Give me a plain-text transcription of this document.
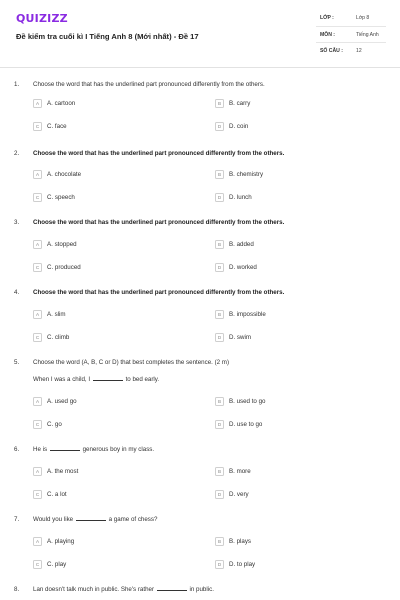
QUIZIZZ
Đề kiểm tra cuối kì I Tiếng Anh 8 (Mới nhất) - Đề 17
LỚP :	Lớp 8
MÔN :	Tiếng Anh
SỐ CÂU :	12
1. Choose the word that has the underlined part pronounced differently from the others.
A	A. cartoon	B	B. carry
C	C. face	D	D. coin
2. Choose the word that has the underlined part pronounced differently from the others.
A	A. chocolate	B	B. chemistry
C	C. speech	D	D. lunch
3. Choose the word that has the underlined part pronounced differently from the others.
A	A. stopped	B	B. added
C	C. produced	D	D. worked
4. Choose the word that has the underlined part pronounced differently from the others.
A	A. slim	B	B. impossible
C	C. climb	D	D. swim
5. Choose the word (A, B, C or D) that best completes the sentence. (2 m)
When I was a child, I	to bed early.
A	A. used go	B	B. used to go
C	C. go	D	D. use to go
6. He is	generous boy in my class.
A	A. the most	B	B. more
C	C. a lot	D	D. very
7. Would you like	a game of chess?
A	A. playing	B	B. plays
C	C. play	D	D. to play
8. Lan doesn't talk much in public. She's rather	in public.
